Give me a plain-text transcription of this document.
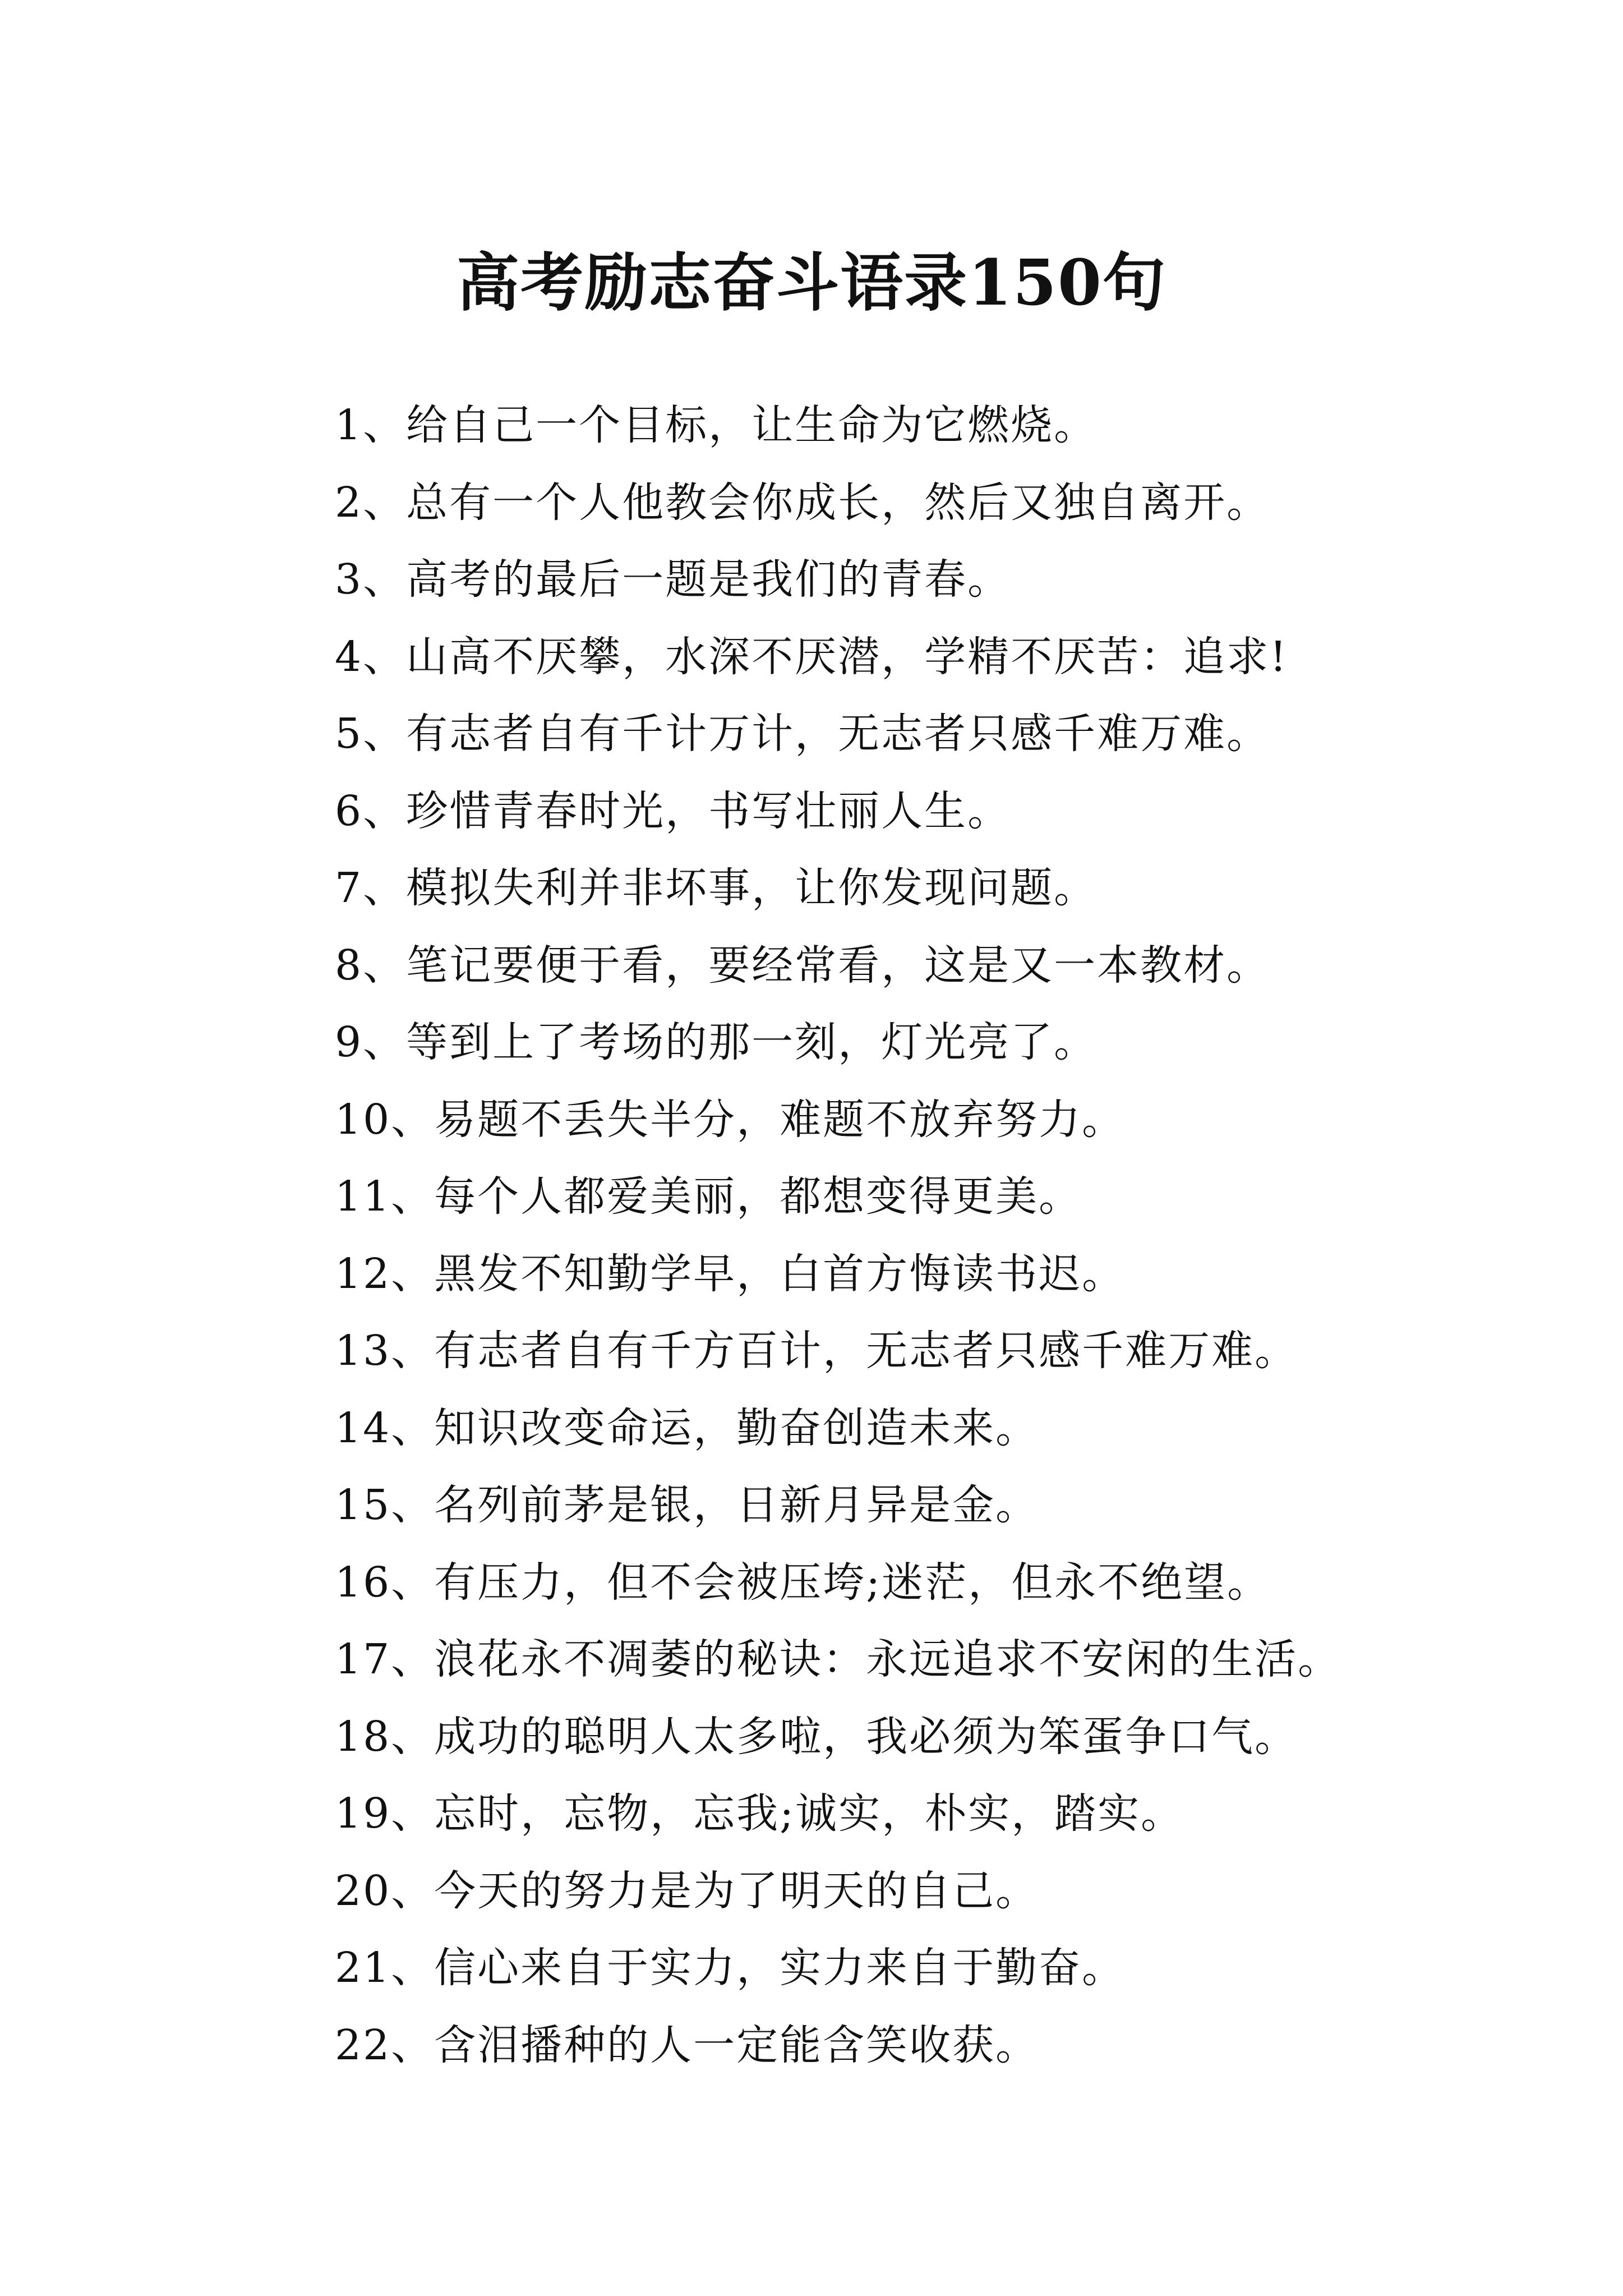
高考励志奋斗语录150句
1、给自己一个目标，让生命为它燃烧。
2、总有一个人他教会你成长，然后又独自离开。
3、高考的最后一题是我们的青春。
4、山高不厌攀，水深不厌潜，学精不厌苦：追求!
5、有志者自有千计万计，无志者只感千难万难。
6、珍惜青春时光，书写壮丽人生。
7、模拟失利并非坏事，让你发现问题。
8、笔记要便于看，要经常看，这是又一本教材。
9、等到上了考场的那一刻，灯光亮了。
10、易题不丢失半分，难题不放弃努力。
11、每个人都爱美丽，都想变得更美。
12、黑发不知勤学早，白首方悔读书迟。
13、有志者自有千方百计，无志者只感千难万难。
14、知识改变命运，勤奋创造未来。
15、名列前茅是银，日新月异是金。
16、有压力，但不会被压垮;迷茫，但永不绝望。
17、浪花永不凋萎的秘诀：永远追求不安闲的生活。
18、成功的聪明人太多啦，我必须为笨蛋争口气。
19、忘时，忘物，忘我;诚实，朴实，踏实。
20、今天的努力是为了明天的自己。
21、信心来自于实力，实力来自于勤奋。
22、含泪播种的人一定能含笑收获。
